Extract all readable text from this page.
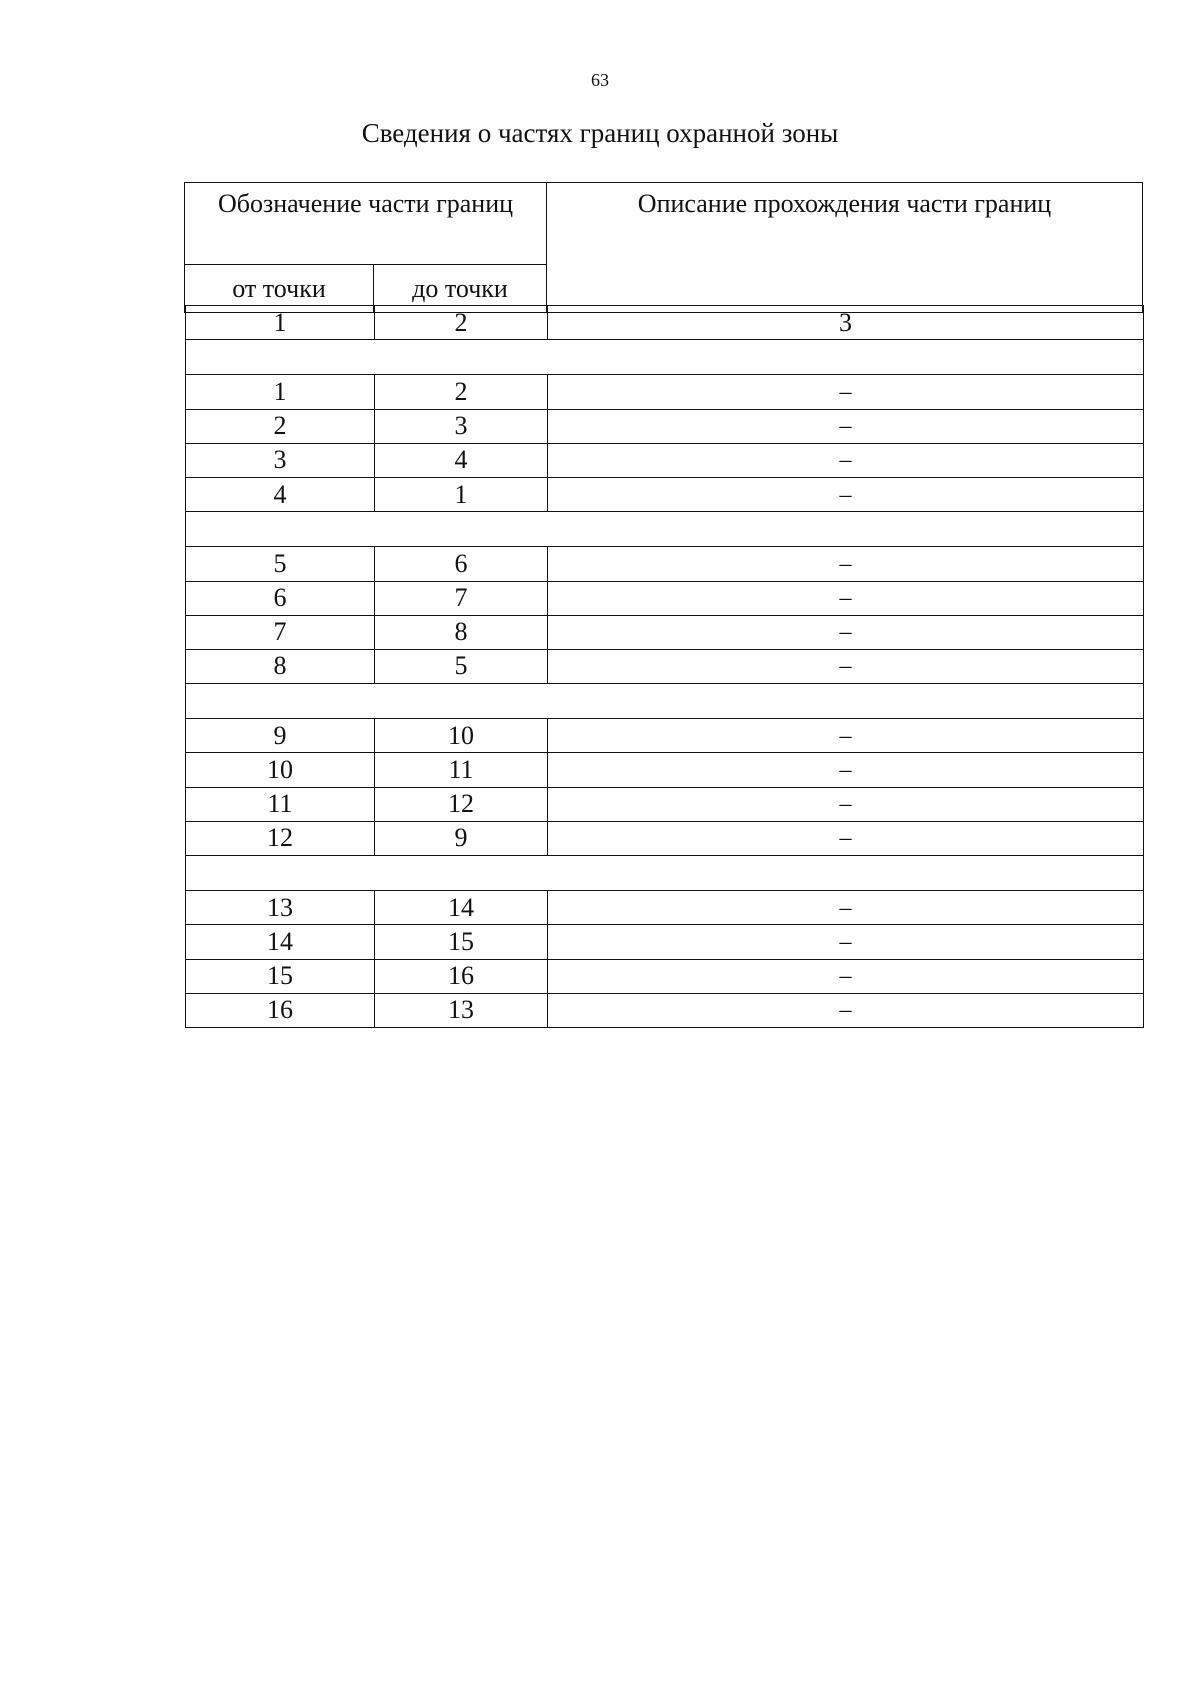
63
Сведения о частях границ охранной зоны
Обозначение части границ		Описание прохождения части границ
от точки	до точки	
1	2	3

1	2	–
2	3	–
3	4	–
4	1	–

5	6	–
6	7	–
7	8	–
8	5	–

9	10	–
10	11	–
11	12	–
12	9	–

13	14	–
14	15	–
15	16	–
16	13	–
